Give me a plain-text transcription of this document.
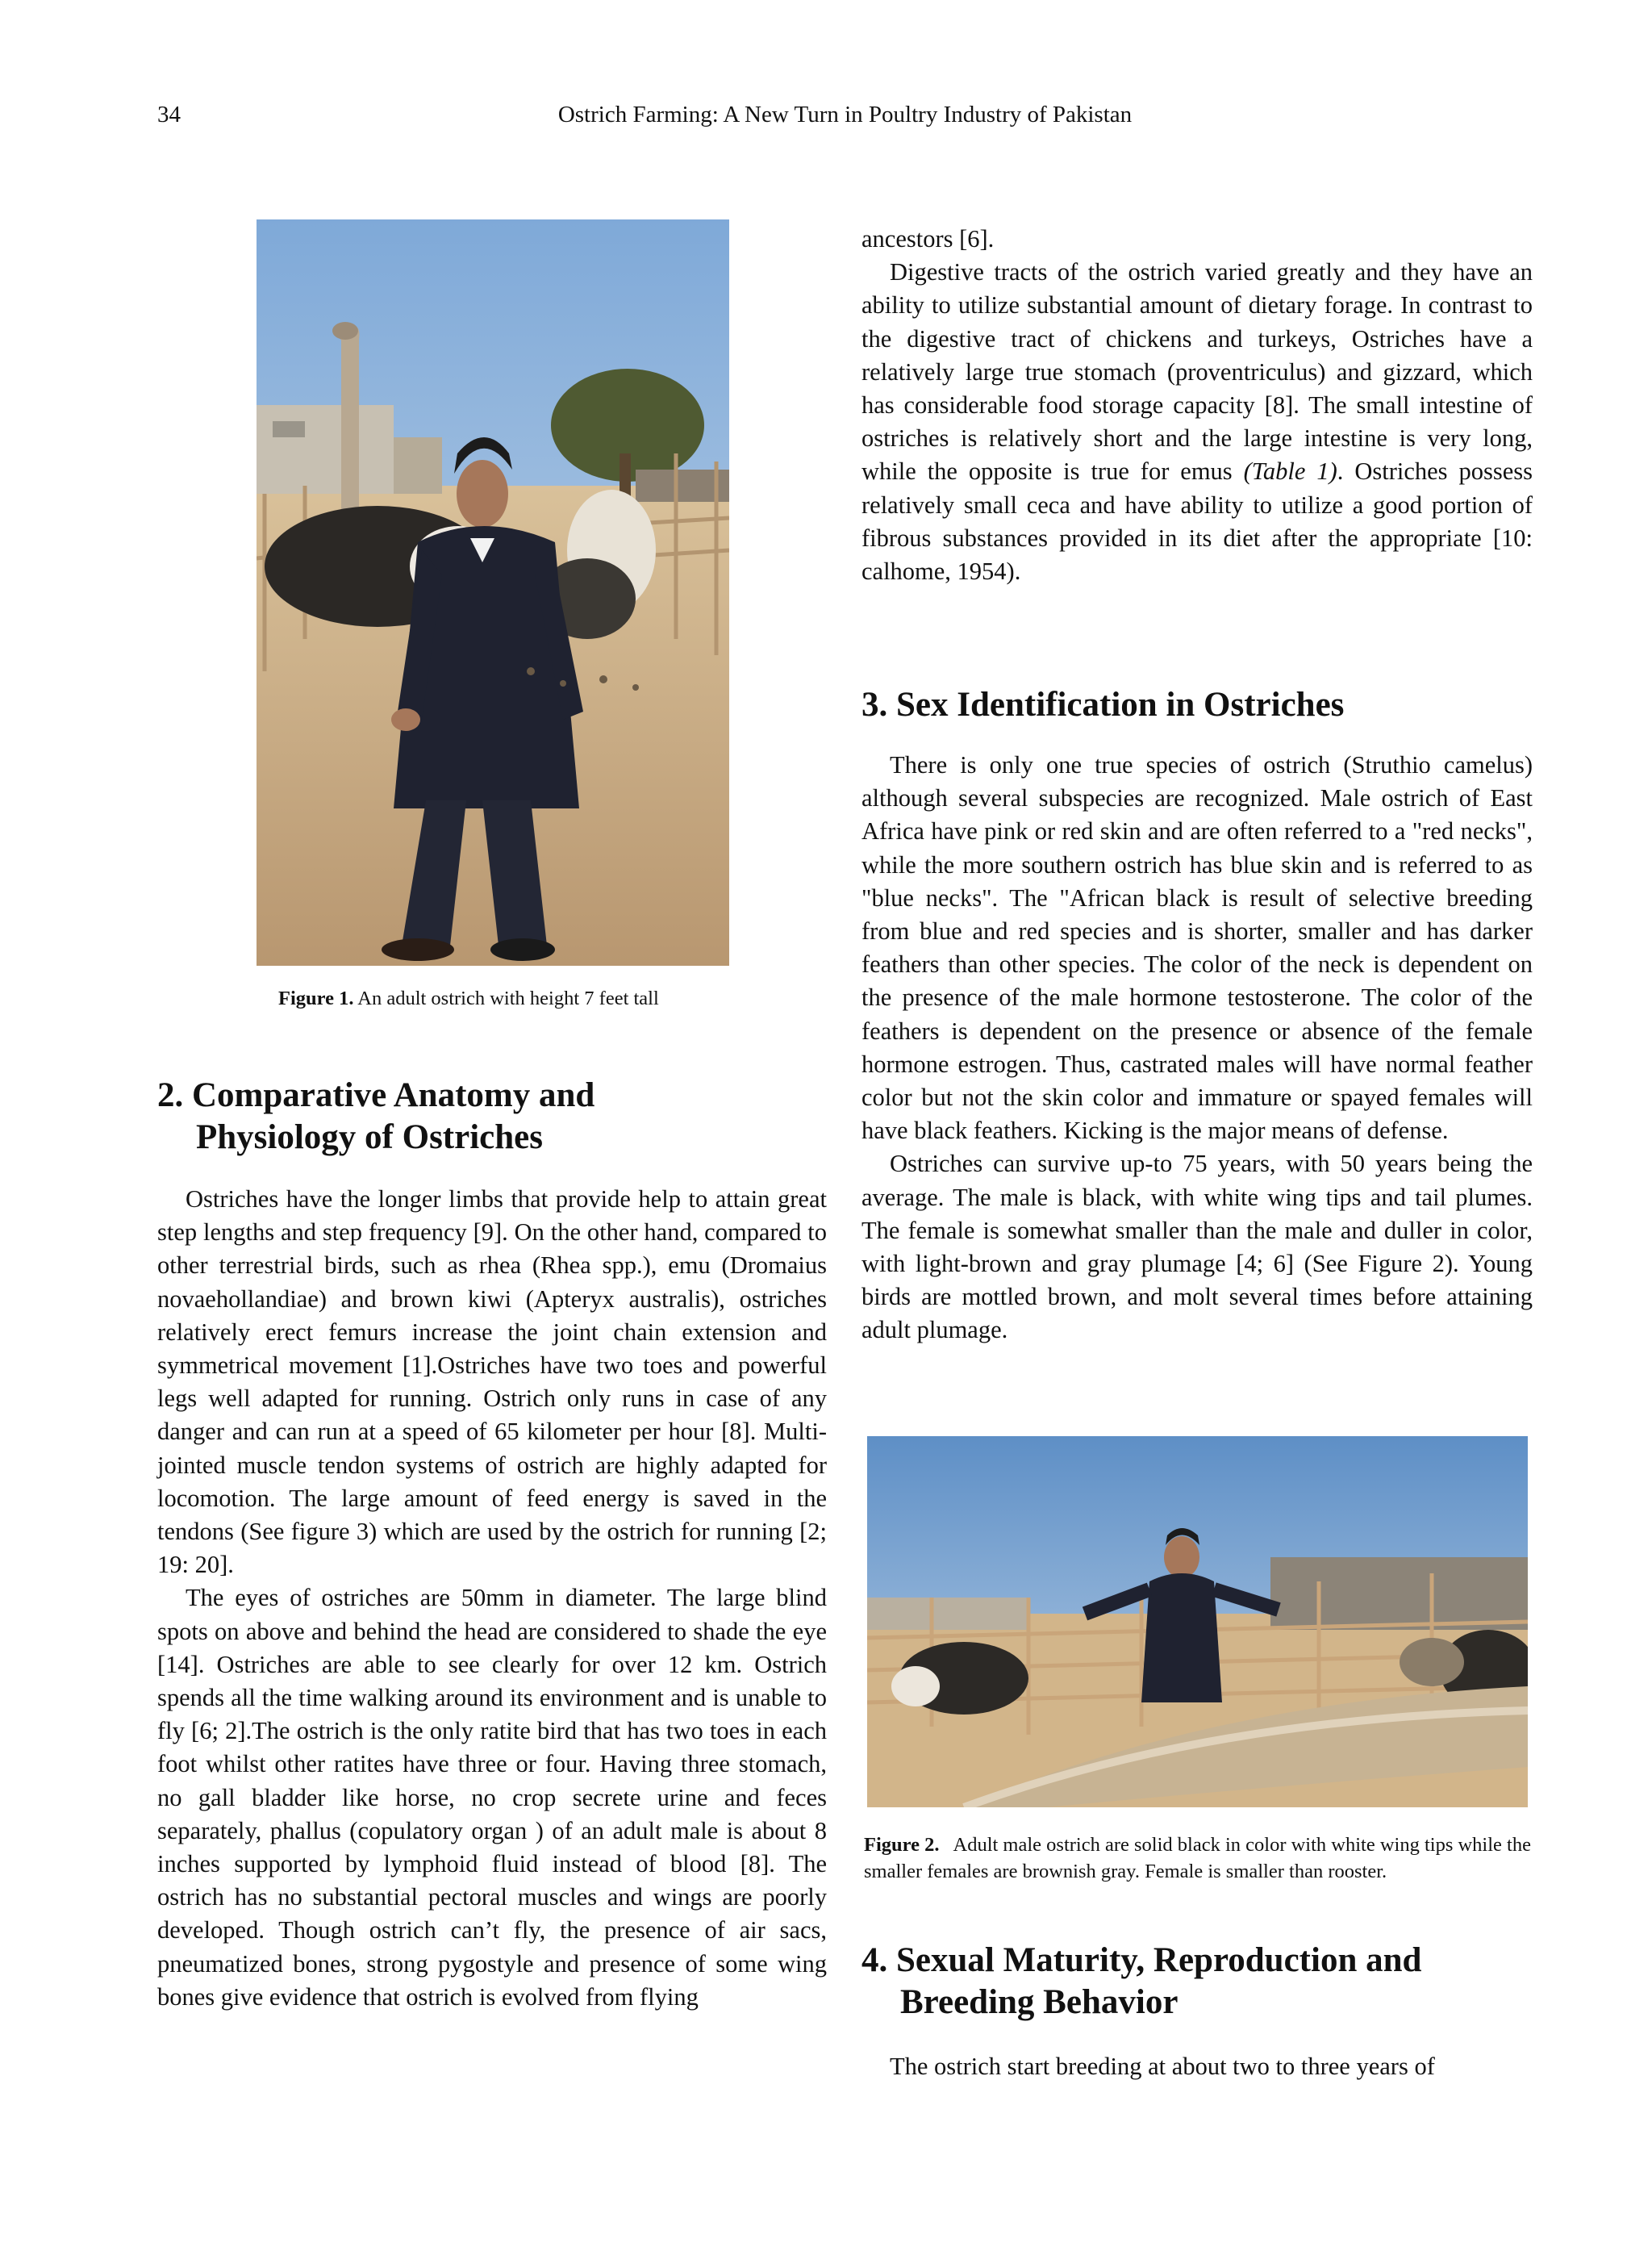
34	Ostrich Farming: A New Turn in Poultry Industry of Pakistan
Figure 1. An adult ostrich with height 7 feet tall
2. Comparative Anatomy and
Physiology of Ostriches

Ostriches have the longer limbs that provide help to attain great step lengths and step frequency [9]. On the other hand, compared to other terrestrial birds, such as rhea (Rhea spp.), emu (Dromaius novaehollandiae) and brown kiwi (Apteryx australis), ostriches relatively erect femurs increase the joint chain extension and symmetrical movement [1].Ostriches have two toes and powerful legs well adapted for running. Ostrich only runs in case of any danger and can run at a speed of 65 kilometer per hour [8]. Multi-jointed muscle tendon systems of ostrich are highly adapted for locomotion. The large amount of feed energy is saved in the tendons (See figure 3) which are used by the ostrich for running [2; 19: 20].

The eyes of ostriches are 50mm in diameter. The large blind spots on above and behind the head are considered to shade the eye [14]. Ostriches are able to see clearly for over 12 km. Ostrich spends all the time walking around its environment and is unable to fly [6; 2].The ostrich is the only ratite bird that has two toes in each foot whilst other ratites have three or four. Having three stomach, no gall bladder like horse, no crop secrete urine and feces separately, phallus (copulatory organ ) of an adult male is about 8 inches supported by lymphoid fluid instead of blood [8]. The ostrich has no substantial pectoral muscles and wings are poorly developed. Though ostrich can’t fly, the presence of air sacs, pneumatized bones, strong pygostyle and presence of some wing bones give evidence that ostrich is evolved from flying

ancestors [6].

Digestive tracts of the ostrich varied greatly and they have an ability to utilize substantial amount of dietary forage. In contrast to the digestive tract of chickens and turkeys, Ostriches have a relatively large true stomach (proventriculus) and gizzard, which has considerable food storage capacity [8]. The small intestine of ostriches is relatively short and the large intestine is very long, while the opposite is true for emus (Table 1). Ostriches possess relatively small ceca and have ability to utilize a good portion of fibrous substances provided in its diet after the appropriate [10: calhome, 1954).

3. Sex Identification in Ostriches

There is only one true species of ostrich (Struthio camelus) although several subspecies are recognized. Male ostrich of East Africa have pink or red skin and are often referred to a "red necks", while the more southern ostrich has blue skin and is referred to as "blue necks". The "African black is result of selective breeding from blue and red species and is shorter, smaller and has darker feathers than other species. The color of the neck is dependent on the presence of the male hormone testosterone. The color of the feathers is dependent on the presence or absence of the female hormone estrogen. Thus, castrated males will have normal feather color but not the skin color and immature or spayed females will have black feathers. Kicking is the major means of defense.

Ostriches can survive up-to 75 years, with 50 years being the average. The male is black, with white wing tips and tail plumes. The female is somewhat smaller than the male and duller in color, with light-brown and gray plumage [4; 6] (See Figure 2). Young birds are mottled brown, and molt several times before attaining adult plumage.

Figure 2. Adult male ostrich are solid black in color with white wing tips while the smaller females are brownish gray. Female is smaller than rooster.
4. Sexual Maturity, Reproduction and
Breeding Behavior

The ostrich start breeding at about two to three years of
